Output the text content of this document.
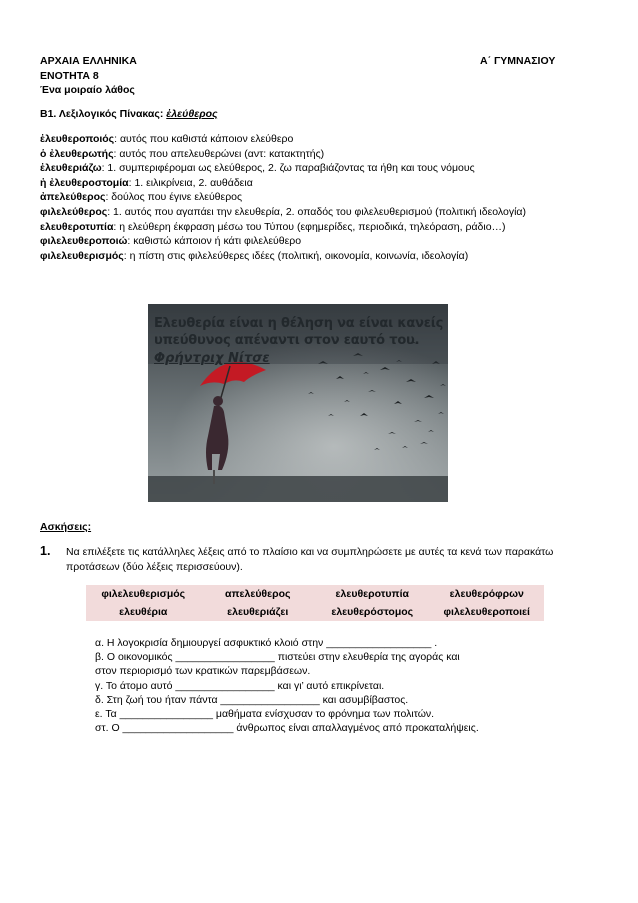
ΑΡΧΑΙΑ ΕΛΛΗΝΙΚΑ
ΕΝΟΤΗΤΑ 8
Ένα μοιραίο λάθος
Α΄ ΓΥΜΝΑΣΙΟΥ
Β1. Λεξιλογικός Πίνακας: ἐλεύθερος
ἐλευθεροποιός: αυτός που καθιστά κάποιον ελεύθερο
ὁ ἐλευθερωτής: αυτός που απελευθερώνει (αντ: κατακτητής)
ἐλευθεριάζω: 1. συμπεριφέρομαι ως ελεύθερος, 2. ζω παραβιάζοντας τα ήθη και τους νόμους
ἡ ἐλευθεροστομία: 1. ειλικρίνεια, 2. αυθάδεια
ἀπελεύθερος: δούλος που έγινε ελεύθερος
φιλελεύθερος: 1. αυτός που αγαπάει την ελευθερία, 2. οπαδός του φιλελευθερισμού (πολιτική ιδεολογία)
ελευθεροτυπία: η ελεύθερη έκφραση μέσω του Τύπου (εφημερίδες, περιοδικά, τηλεόραση, ράδιο…)
φιλελευθεροποιώ: καθιστώ κάποιον ή κάτι φιλελεύθερο
φιλελευθερισμός: η πίστη στις φιλελεύθερες ιδέες (πολιτική, οικονομία, κοινωνία, ιδεολογία)
Ελευθερία είναι η θέληση να είναι κανείς
υπεύθυνος απέναντι στον εαυτό του.
Φρήντριχ Νίτσε
Ασκήσεις:
1. Να επιλέξετε τις κατάλληλες λέξεις από το πλαίσιο και να συμπληρώσετε με αυτές τα κενά των παρακάτω προτάσεων (δύο λέξεις περισσεύουν).
φιλελευθερισμός	απελεύθερος	ελευθεροτυπία	ελευθερόφρων
ελευθέρια	ελευθεριάζει	ελευθερόστομος	φιλελευθεροποιεί
α. Η λογοκρισία δημιουργεί ασφυκτικό κλοιό στην __________________ .
β. Ο οικονομικός _________________ πιστεύει στην ελευθερία της αγοράς και
στον περιορισμό των κρατικών παρεμβάσεων.
γ. Το άτομο αυτό _________________ και γι’ αυτό επικρίνεται.
δ. Στη ζωή του ήταν πάντα _________________ και ασυμβίβαστος.
ε. Τα ________________ μαθήματα ενίσχυσαν το φρόνημα των πολιτών.
στ. Ο ___________________ άνθρωπος είναι απαλλαγμένος από προκαταλήψεις.
